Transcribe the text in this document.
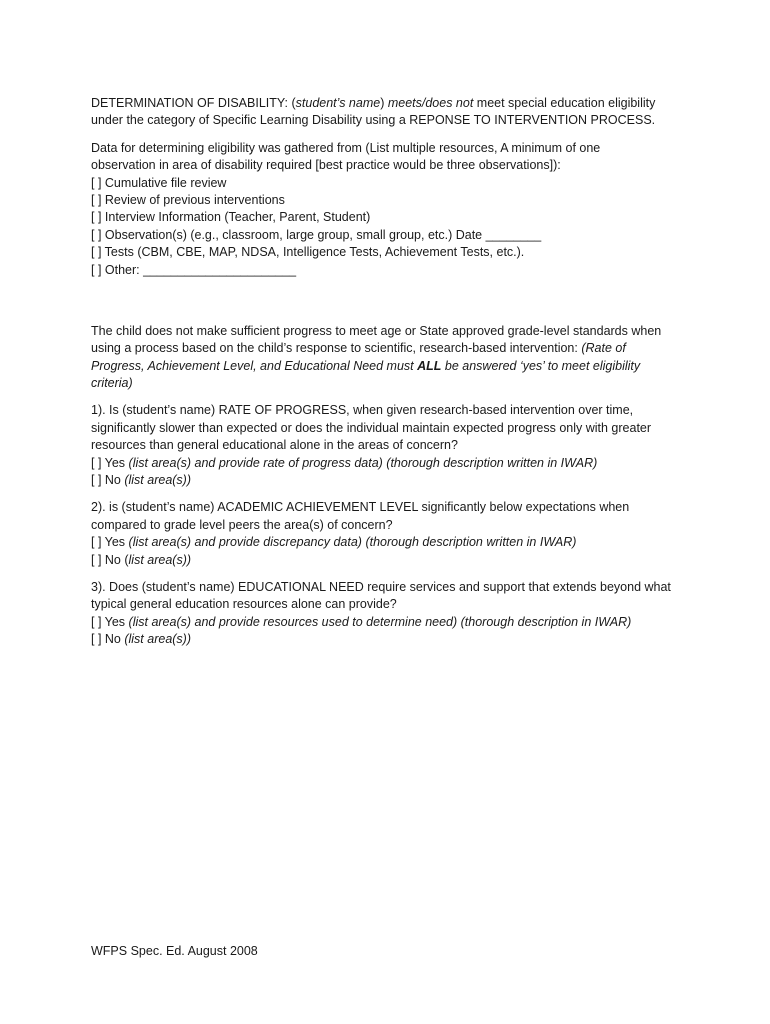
DETERMINATION OF DISABILITY: (student’s name) meets/does not meet special education eligibility
under the category of Specific Learning Disability using a REPONSE TO INTERVENTION PROCESS.
Data for determining eligibility was gathered from (List multiple resources, A minimum of one
observation in area of disability required [best practice would be three observations]):
[ ] Cumulative file review
[ ] Review of previous interventions
[ ] Interview Information (Teacher, Parent, Student)
[ ] Observation(s) (e.g., classroom, large group, small group, etc.) Date ________
[ ] Tests (CBM, CBE, MAP, NDSA, Intelligence Tests, Achievement Tests, etc.).
[ ] Other: ______________________
The child does not make sufficient progress to meet age or State approved grade-level standards when
using a process based on the child’s response to scientific, research-based intervention: (Rate of
Progress, Achievement Level, and Educational Need must ALL be answered ‘yes’ to meet eligibility
criteria)
1). Is (student’s name) RATE OF PROGRESS, when given research-based intervention over time,
significantly slower than expected or does the individual maintain expected progress only with greater
resources than general educational alone in the areas of concern?
[ ] Yes (list area(s) and provide rate of progress data) (thorough description written in IWAR)
[ ] No (list area(s))
2). is (student’s name) ACADEMIC ACHIEVEMENT LEVEL significantly below expectations when
compared to grade level peers the area(s) of concern?
[ ] Yes (list area(s) and provide discrepancy data) (thorough description written in IWAR)
[ ] No (list area(s))
3). Does (student’s name) EDUCATIONAL NEED require services and support that extends beyond what
typical general education resources alone can provide?
[ ] Yes (list area(s) and provide resources used to determine need) (thorough description in IWAR)
[ ] No (list area(s))
WFPS Spec. Ed. August 2008
